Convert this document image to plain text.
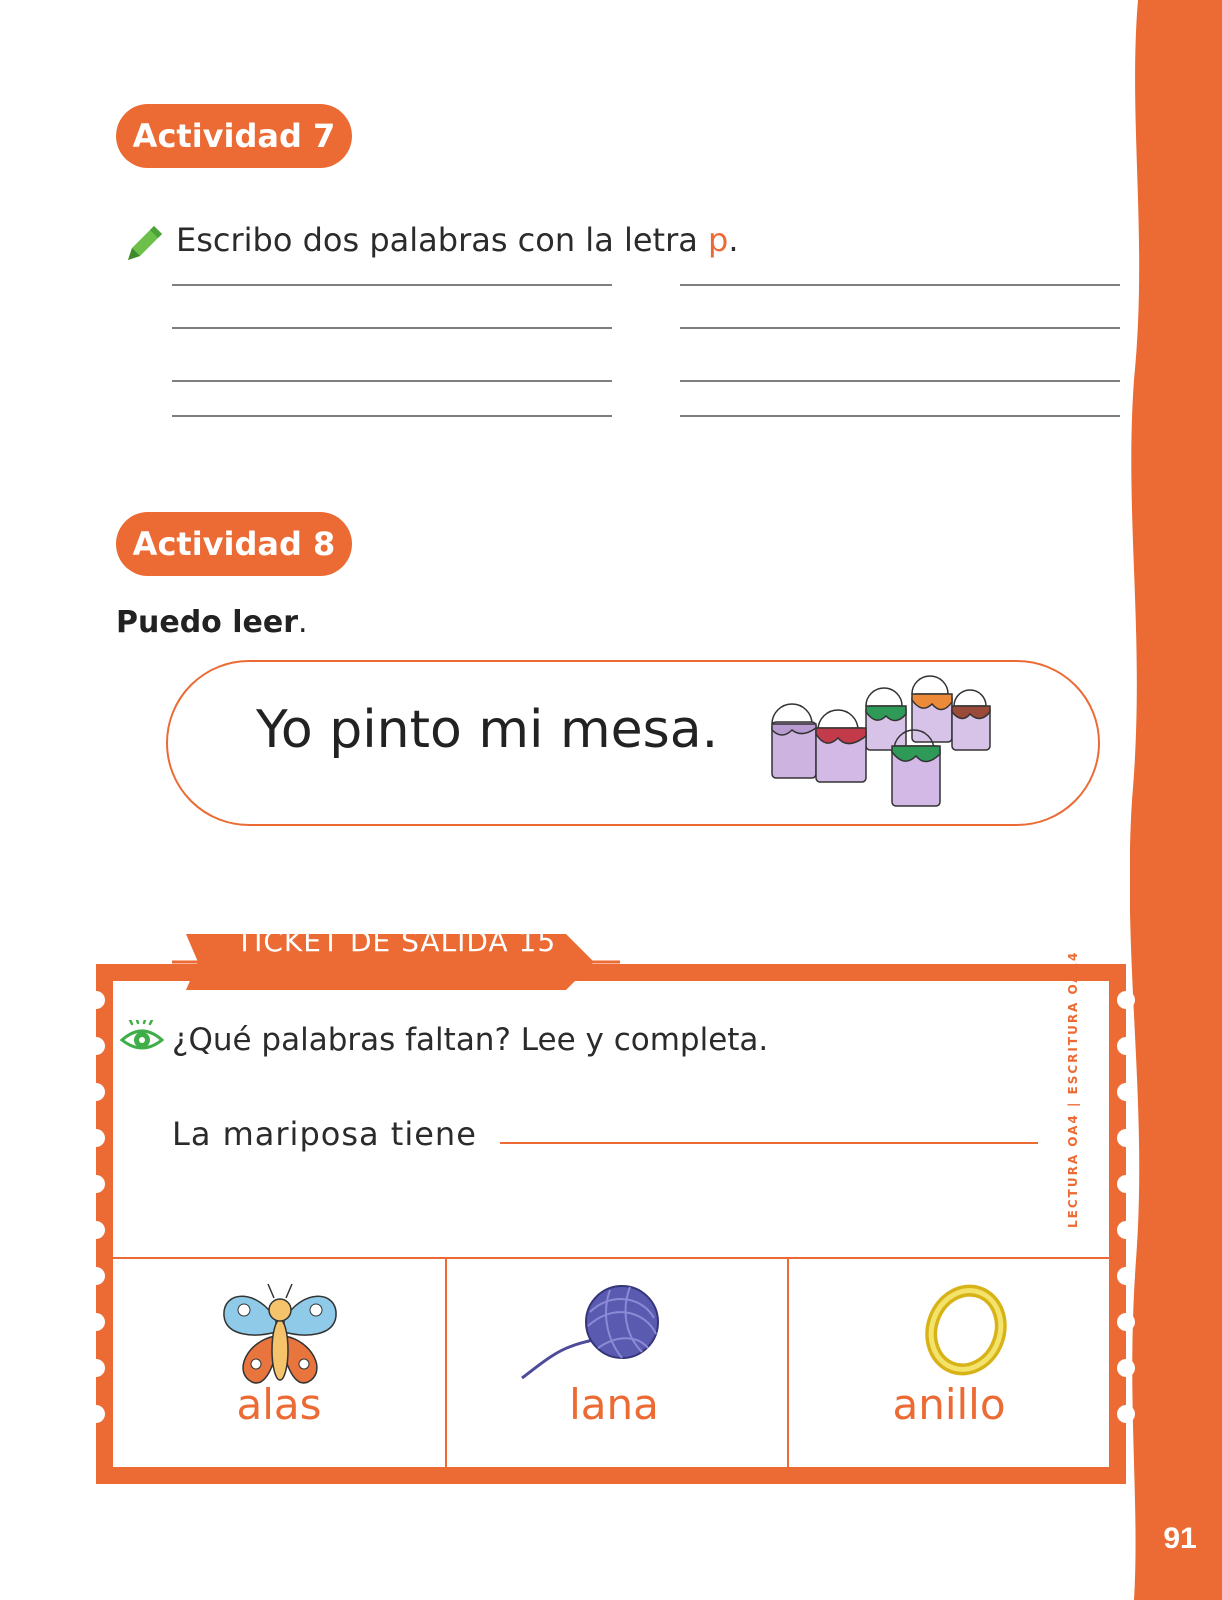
91
Actividad 7
Escribo dos palabras con la letra p.
Actividad 8
Puedo leer.
Yo pinto mi mesa.
TICKET DE SALIDA 15
¿Qué palabras faltan? Lee y completa.
La mariposa tiene	LECTURA OA4 | ESCRITURA OA14
alas	lana	anillo
